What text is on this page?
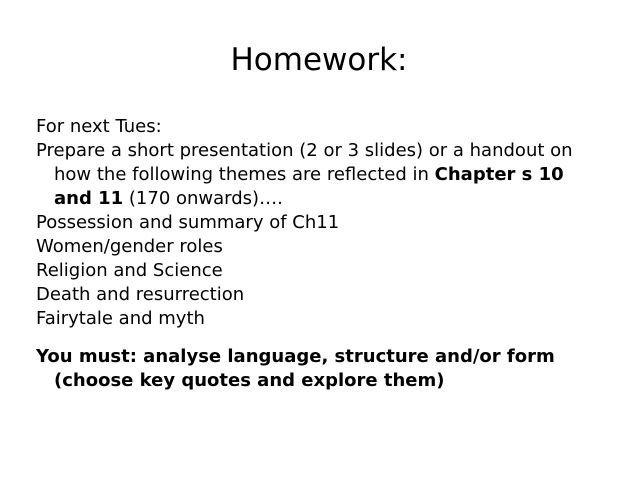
Homework:

For next Tues:

Prepare a short presentation (2 or 3 slides) or a handout on how the following themes are reflected in Chapter s 10 and 11 (170 onwards)….

Possession and summary of Ch11

Women/gender roles

Religion and Science

Death and resurrection

Fairytale and myth

You must: analyse language, structure and/or form (choose key quotes and explore them)
